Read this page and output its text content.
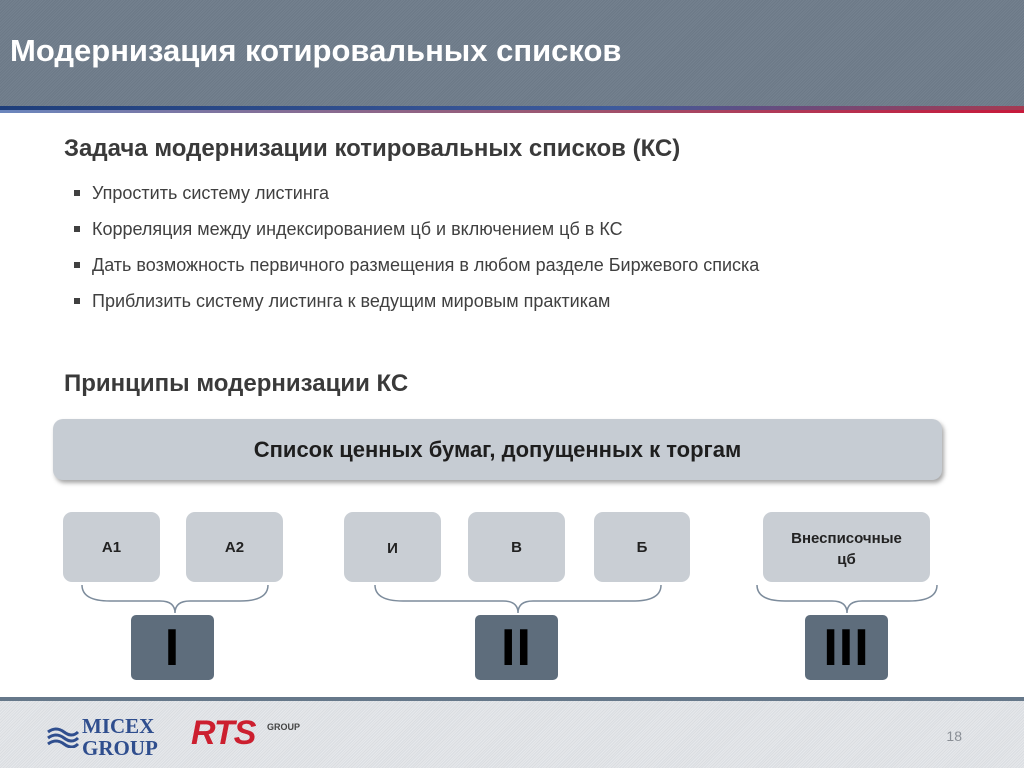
Модернизация котировальных списков
Задача модернизации котировальных списков (КС)
Упростить систему листинга
Корреляция между индексированием цб и включением цб в КС
Дать возможность первичного размещения в любом разделе Биржевого списка
Приблизить систему листинга к ведущим мировым практикам
Принципы модернизации КС
Список ценных бумаг, допущенных к торгам
А1	А2	И	В	Б	Внесписочные цб
I	II	III
MICEX
GROUP RTS GROUP
18
